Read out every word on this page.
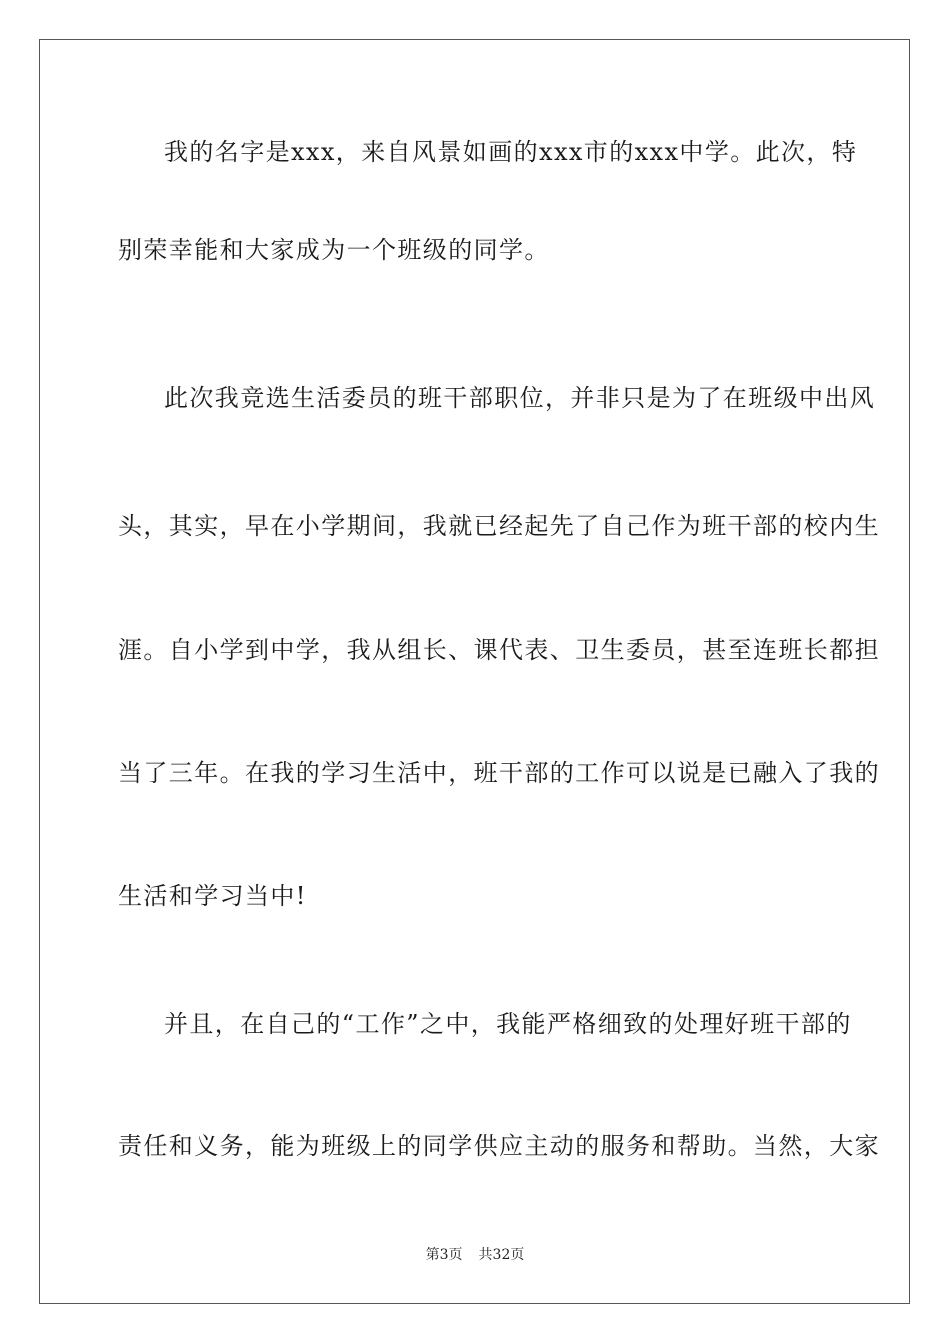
我的名字是xxx，来自风景如画的xxx市的xxx中学。此次，特
别荣幸能和大家成为一个班级的同学。
此次我竞选生活委员的班干部职位，并非只是为了在班级中出风
头，其实，早在小学期间，我就已经起先了自己作为班干部的校内生
涯。自小学到中学，我从组长、课代表、卫生委员，甚至连班长都担
当了三年。在我的学习生活中，班干部的工作可以说是已融入了我的
生活和学习当中!
并且，在自己的“工作”之中，我能严格细致的处理好班干部的
责任和义务，能为班级上的同学供应主动的服务和帮助。当然，大家
第3页 共32页
